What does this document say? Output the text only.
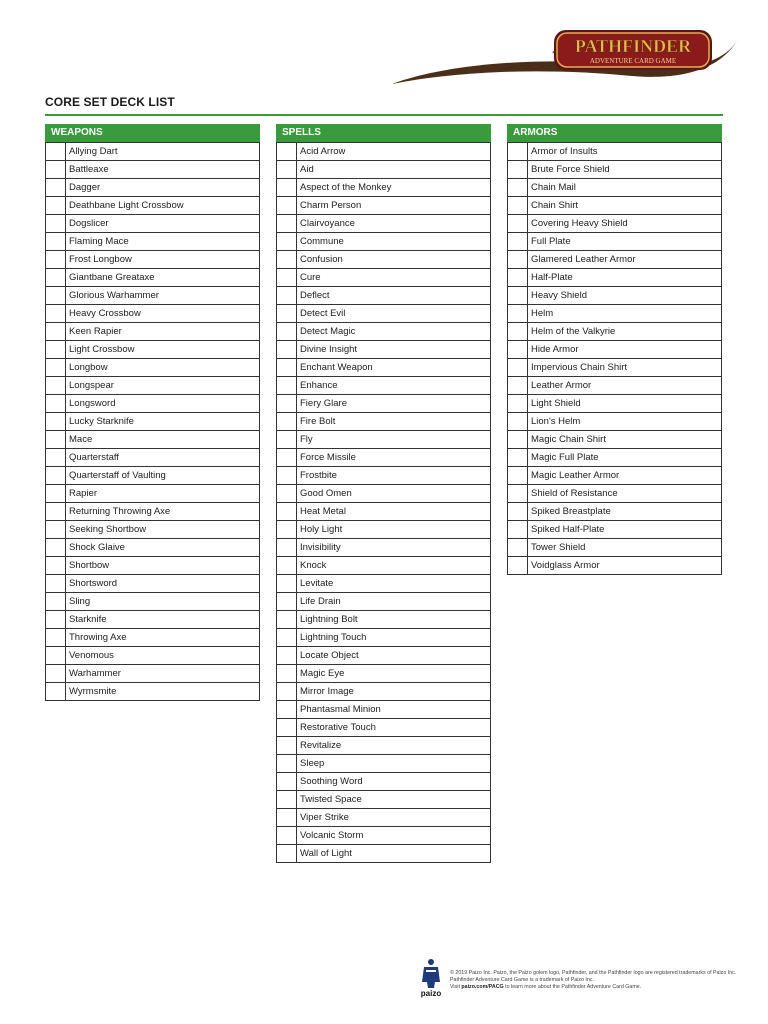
PATHFINDER
ADVENTURE CARD GAME
CORE SET DECK LIST
WEAPONS
	Allying Dart
	Battleaxe
	Dagger
	Deathbane Light Crossbow
	Dogslicer
	Flaming Mace
	Frost Longbow
	Giantbane Greataxe
	Glorious Warhammer
	Heavy Crossbow
	Keen Rapier
	Light Crossbow
	Longbow
	Longspear
	Longsword
	Lucky Starknife
	Mace
	Quarterstaff
	Quarterstaff of Vaulting
	Rapier
	Returning Throwing Axe
	Seeking Shortbow
	Shock Glaive
	Shortbow
	Shortsword
	Sling
	Starknife
	Throwing Axe
	Venomous
	Warhammer
	Wyrmsmite
SPELLS
	Acid Arrow
	Aid
	Aspect of the Monkey
	Charm Person
	Clairvoyance
	Commune
	Confusion
	Cure
	Deflect
	Detect Evil
	Detect Magic
	Divine Insight
	Enchant Weapon
	Enhance
	Fiery Glare
	Fire Bolt
	Fly
	Force Missile
	Frostbite
	Good Omen
	Heat Metal
	Holy Light
	Invisibility
	Knock
	Levitate
	Life Drain
	Lightning Bolt
	Lightning Touch
	Locate Object
	Magic Eye
	Mirror Image
	Phantasmal Minion
	Restorative Touch
	Revitalize
	Sleep
	Soothing Word
	Twisted Space
	Viper Strike
	Volcanic Storm
	Wall of Light
ARMORS
	Armor of Insults
	Brute Force Shield
	Chain Mail
	Chain Shirt
	Covering Heavy Shield
	Full Plate
	Glamered Leather Armor
	Half-Plate
	Heavy Shield
	Helm
	Helm of the Valkyrie
	Hide Armor
	Impervious Chain Shirt
	Leather Armor
	Light Shield
	Lion's Helm
	Magic Chain Shirt
	Magic Full Plate
	Magic Leather Armor
	Shield of Resistance
	Spiked Breastplate
	Spiked Half-Plate
	Tower Shield
	Voidglass Armor
paizo
© 2019 Paizo Inc. Paizo, the Paizo golem logo, Pathfinder, and the Pathfinder logo are registered trademarks of Paizo Inc.
Pathfinder Adventure Card Game is a trademark of Paizo Inc.
Visit paizo.com/PACG to learn more about the Pathfinder Adventure Card Game.
